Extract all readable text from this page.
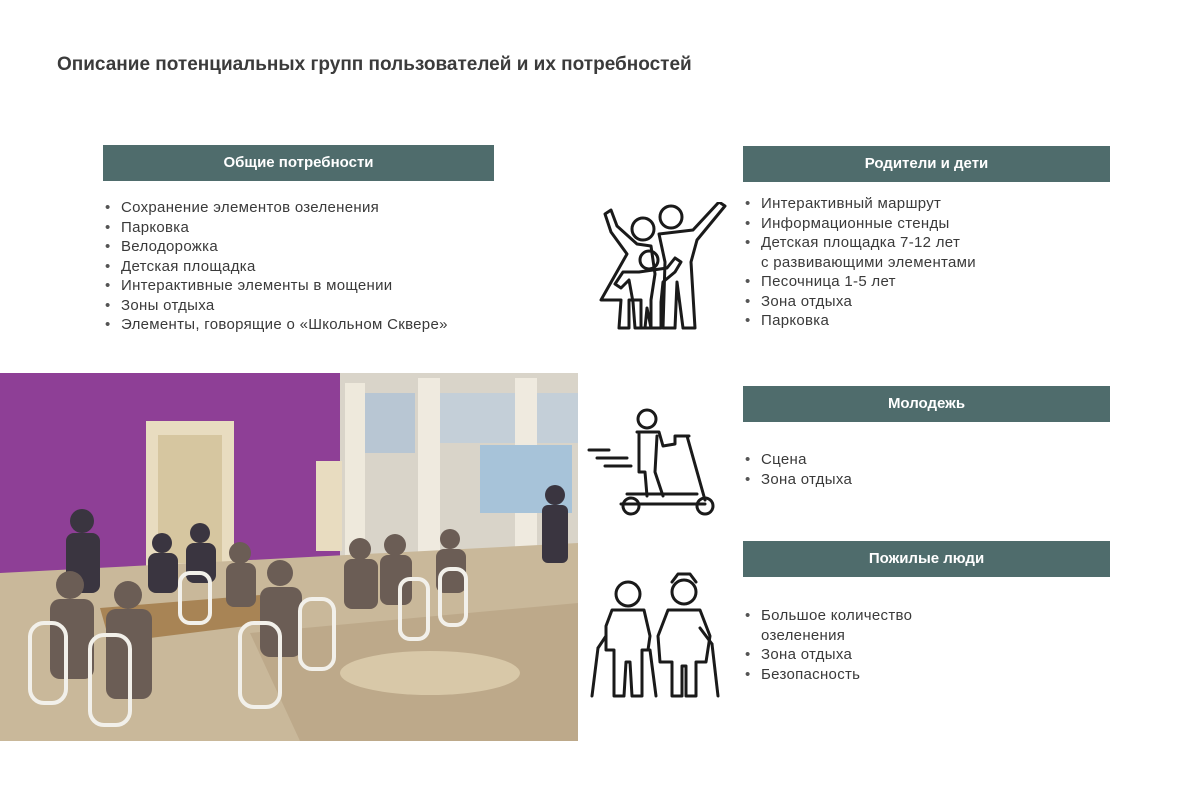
Описание потенциальных групп пользователей и их потребностей
Общие потребности
• Сохранение элементов озеленения
• Парковка
• Велодорожка
• Детская площадка
• Интерактивные элементы в мощении
• Зоны отдыха
• Элементы, говорящие о «Школьном Сквере»
Родители и дети
• Интерактивный маршрут
• Информационные стенды
• Детская площадка 7-12 лет
с развивающими элементами
• Песочница 1-5 лет
• Зона отдыха
• Парковка
Молодежь
• Сцена
• Зона отдыха
Пожилые люди
• Большое количество
озеленения
• Зона отдыха
• Безопасность
